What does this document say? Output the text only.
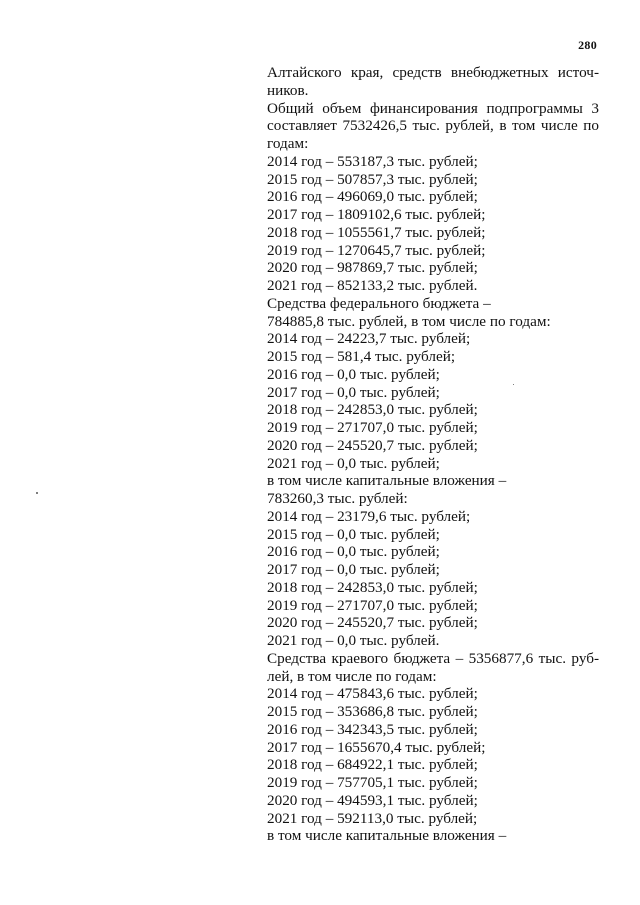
280
Алтайского края, средств внебюджетных источ-
ников.
Общий объем финансирования подпрограммы 3
составляет 7532426,5 тыс. рублей, в том числе по
годам:
2014 год – 553187,3 тыс. рублей;
2015 год – 507857,3 тыс. рублей;
2016 год – 496069,0 тыс. рублей;
2017 год – 1809102,6 тыс. рублей;
2018 год – 1055561,7 тыс. рублей;
2019 год – 1270645,7 тыс. рублей;
2020 год – 987869,7 тыс. рублей;
2021 год – 852133,2 тыс. рублей.
Средства федерального бюджета –
784885,8 тыс. рублей, в том числе по годам:
2014 год – 24223,7 тыс. рублей;
2015 год – 581,4 тыс. рублей;
2016 год – 0,0 тыс. рублей;
2017 год – 0,0 тыс. рублей;
2018 год – 242853,0 тыс. рублей;
2019 год – 271707,0 тыс. рублей;
2020 год – 245520,7 тыс. рублей;
2021 год – 0,0 тыс. рублей;
в том числе капитальные вложения –
783260,3 тыс. рублей:
2014 год – 23179,6 тыс. рублей;
2015 год – 0,0 тыс. рублей;
2016 год – 0,0 тыс. рублей;
2017 год – 0,0 тыс. рублей;
2018 год – 242853,0 тыс. рублей;
2019 год – 271707,0 тыс. рублей;
2020 год – 245520,7 тыс. рублей;
2021 год – 0,0 тыс. рублей.
Средства краевого бюджета – 5356877,6 тыс. руб-
лей, в том числе по годам:
2014 год – 475843,6 тыс. рублей;
2015 год – 353686,8 тыс. рублей;
2016 год – 342343,5 тыс. рублей;
2017 год – 1655670,4 тыс. рублей;
2018 год – 684922,1 тыс. рублей;
2019 год – 757705,1 тыс. рублей;
2020 год – 494593,1 тыс. рублей;
2021 год – 592113,0 тыс. рублей;
в том числе капитальные вложения –
